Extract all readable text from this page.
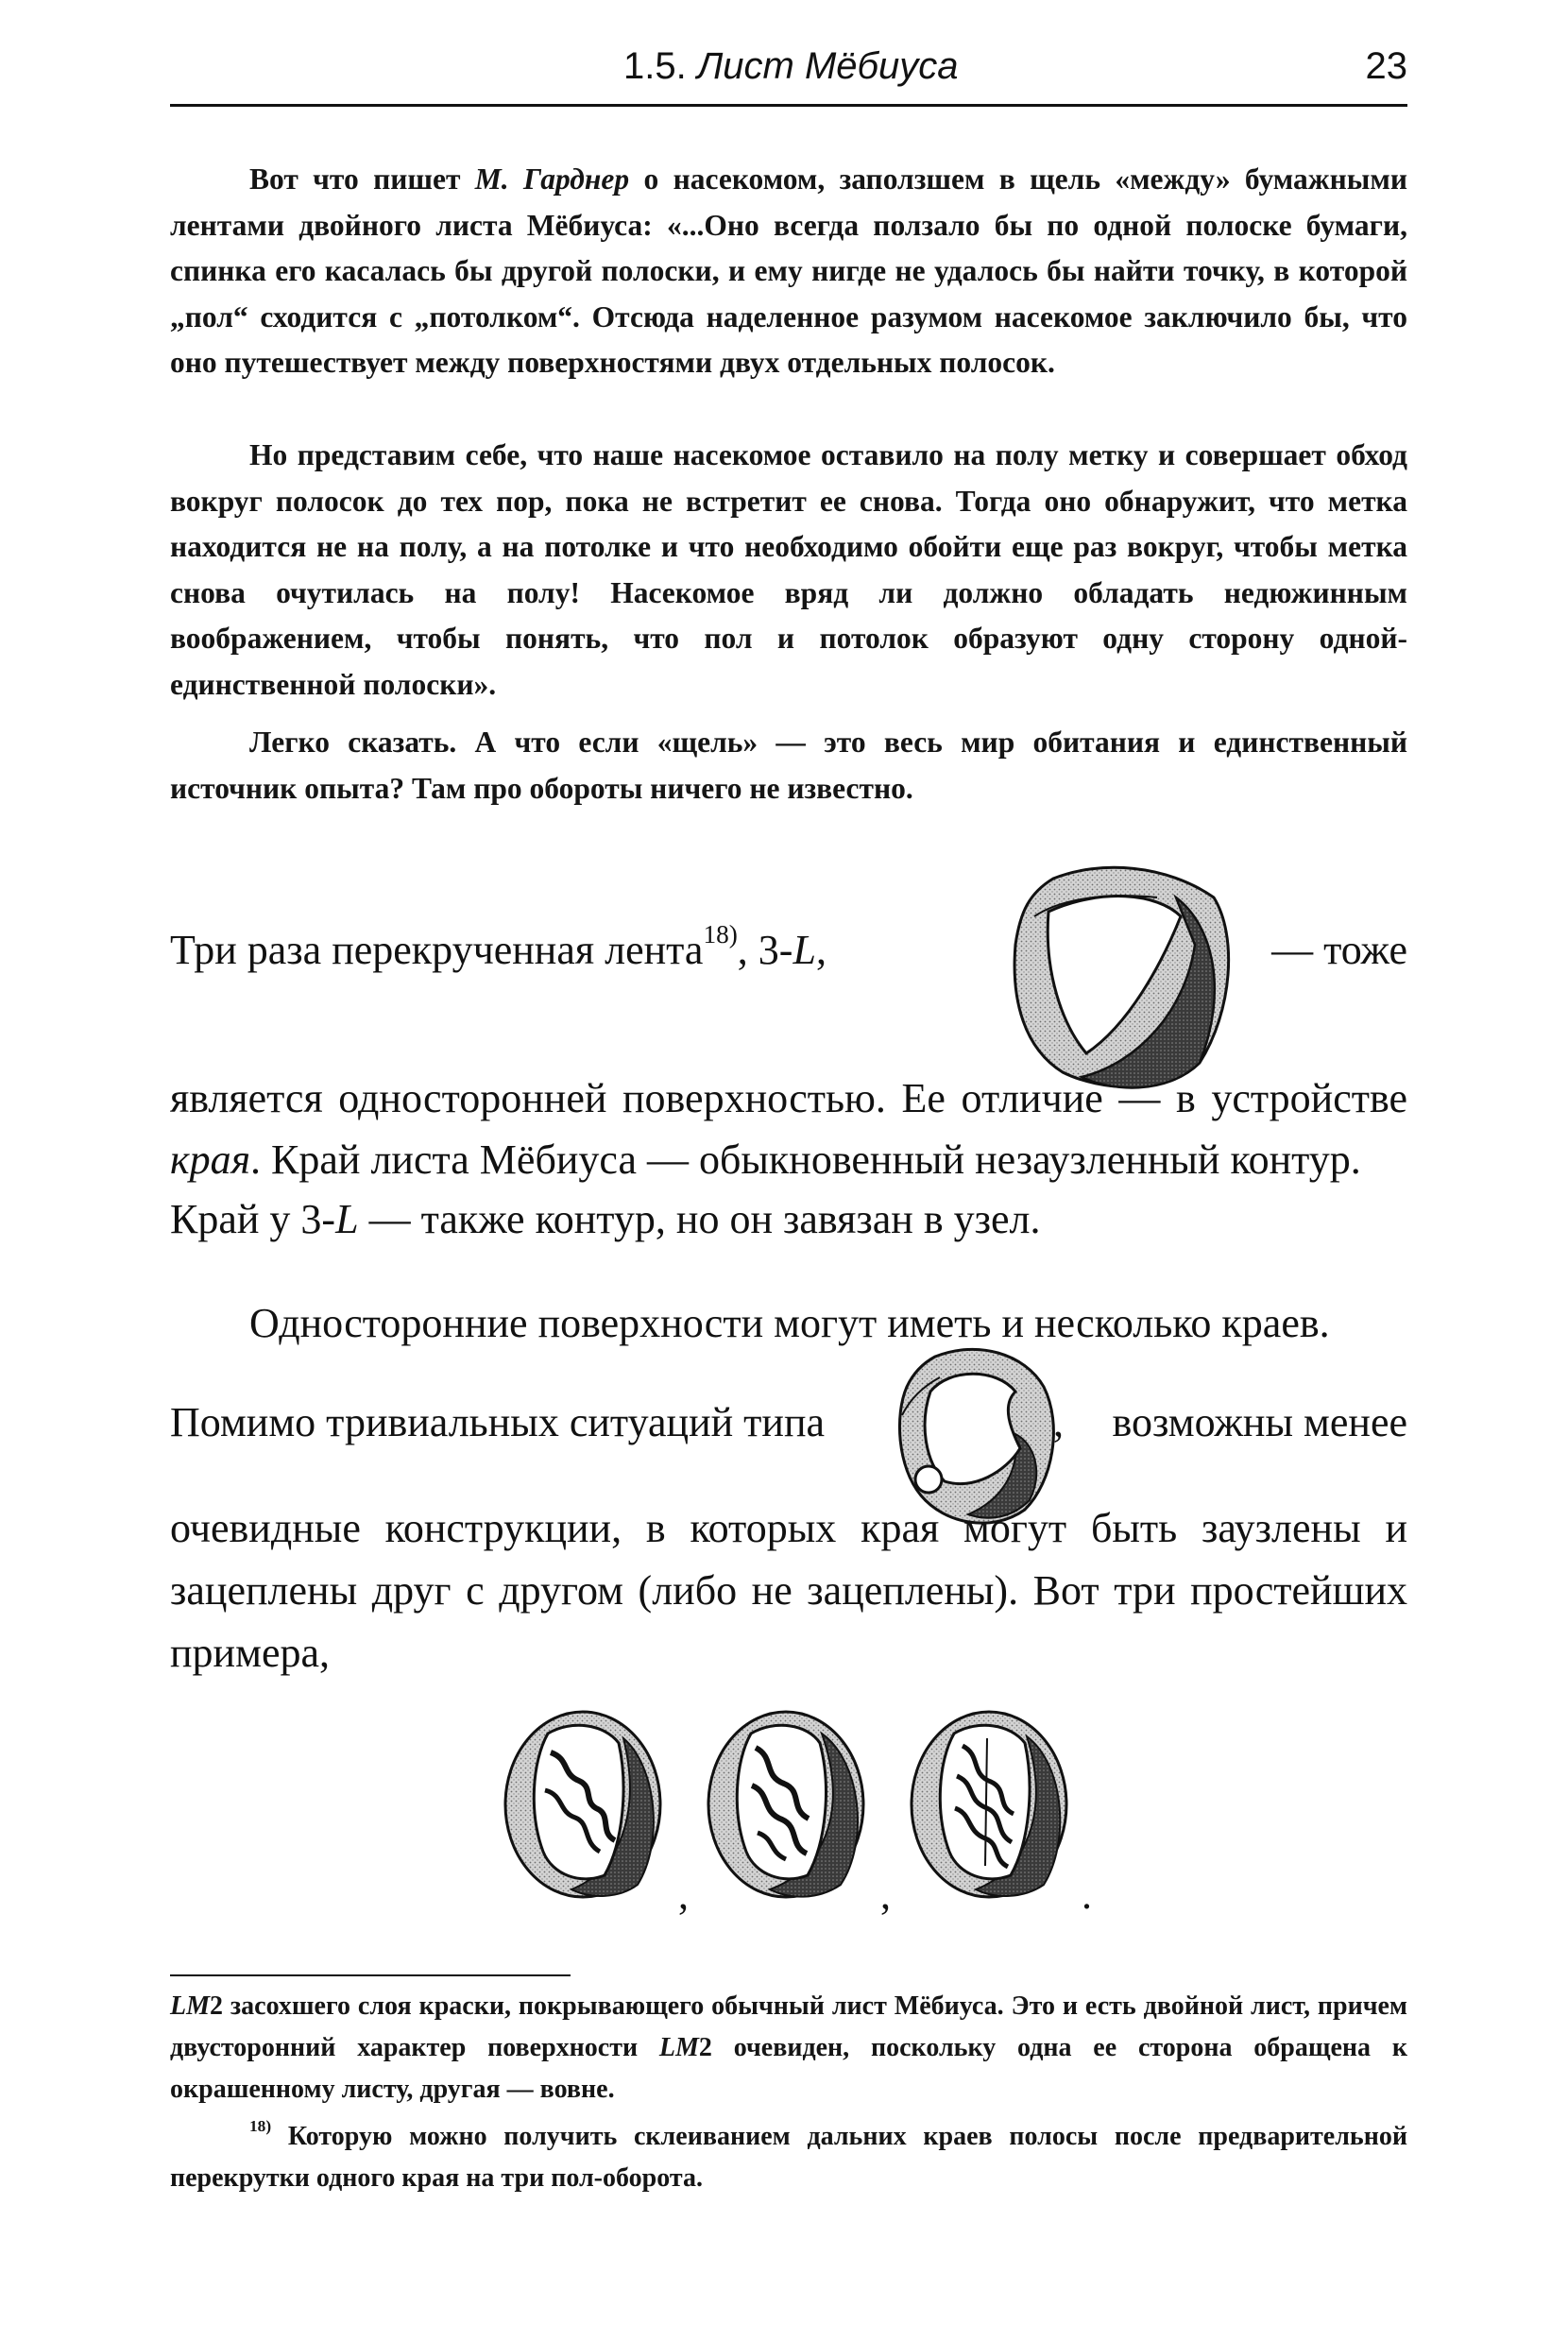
1.5. Лист Мёбиуса	23
Вот что пишет М. Гарднер о насекомом, заползшем в щель «между» бумажными лентами двойного листа Мёбиуса: «...Оно всегда ползало бы по одной полоске бумаги, спинка его касалась бы другой полоски, и ему нигде не удалось бы найти точку, в которой „пол“ сходится с „потолком“. Отсюда наделенное разумом насекомое заключило бы, что оно путешествует между поверхностями двух отдельных полосок.
Но представим себе, что наше насекомое оставило на полу метку и совершает обход вокруг полосок до тех пор, пока не встретит ее снова. Тогда оно обнаружит, что метка находится не на полу, а на потолке и что необходимо обойти еще раз вокруг, чтобы метка снова очутилась на полу! Насекомое вряд ли должно обладать недюжинным воображением, чтобы понять, что пол и потолок образуют одну сторону одной-единственной полоски».
Легко сказать. А что если «щель» — это весь мир обитания и единственный источник опыта? Там про обороты ничего не известно.
Три раза перекрученная лента$^{18)}$, 3-L,	— тоже
является односторонней поверхностью. Ее отличие — в устройстве края. Край листа Мёбиуса — обыкновенный незаузленный контур.
Край у 3-L — также контур, но он завязан в узел.
Односторонние поверхности могут иметь и несколько краев.
Помимо тривиальных ситуаций типа	,	возможны менее
очевидные конструкции, в которых края могут быть заузлены и зацеплены друг с другом (либо не зацеплены). Вот три простейших примера,
,	,	.
LM2 засохшего слоя краски, покрывающего обычный лист Мёбиуса. Это и есть двойной лист, причем двусторонний характер поверхности LM2 очевиден, поскольку одна ее сторона обращена к окрашенному листу, другая — вовне.
$^{18)}$ Которую можно получить склеиванием дальних краев полосы после предварительной перекрутки одного края на три пол-оборота.
